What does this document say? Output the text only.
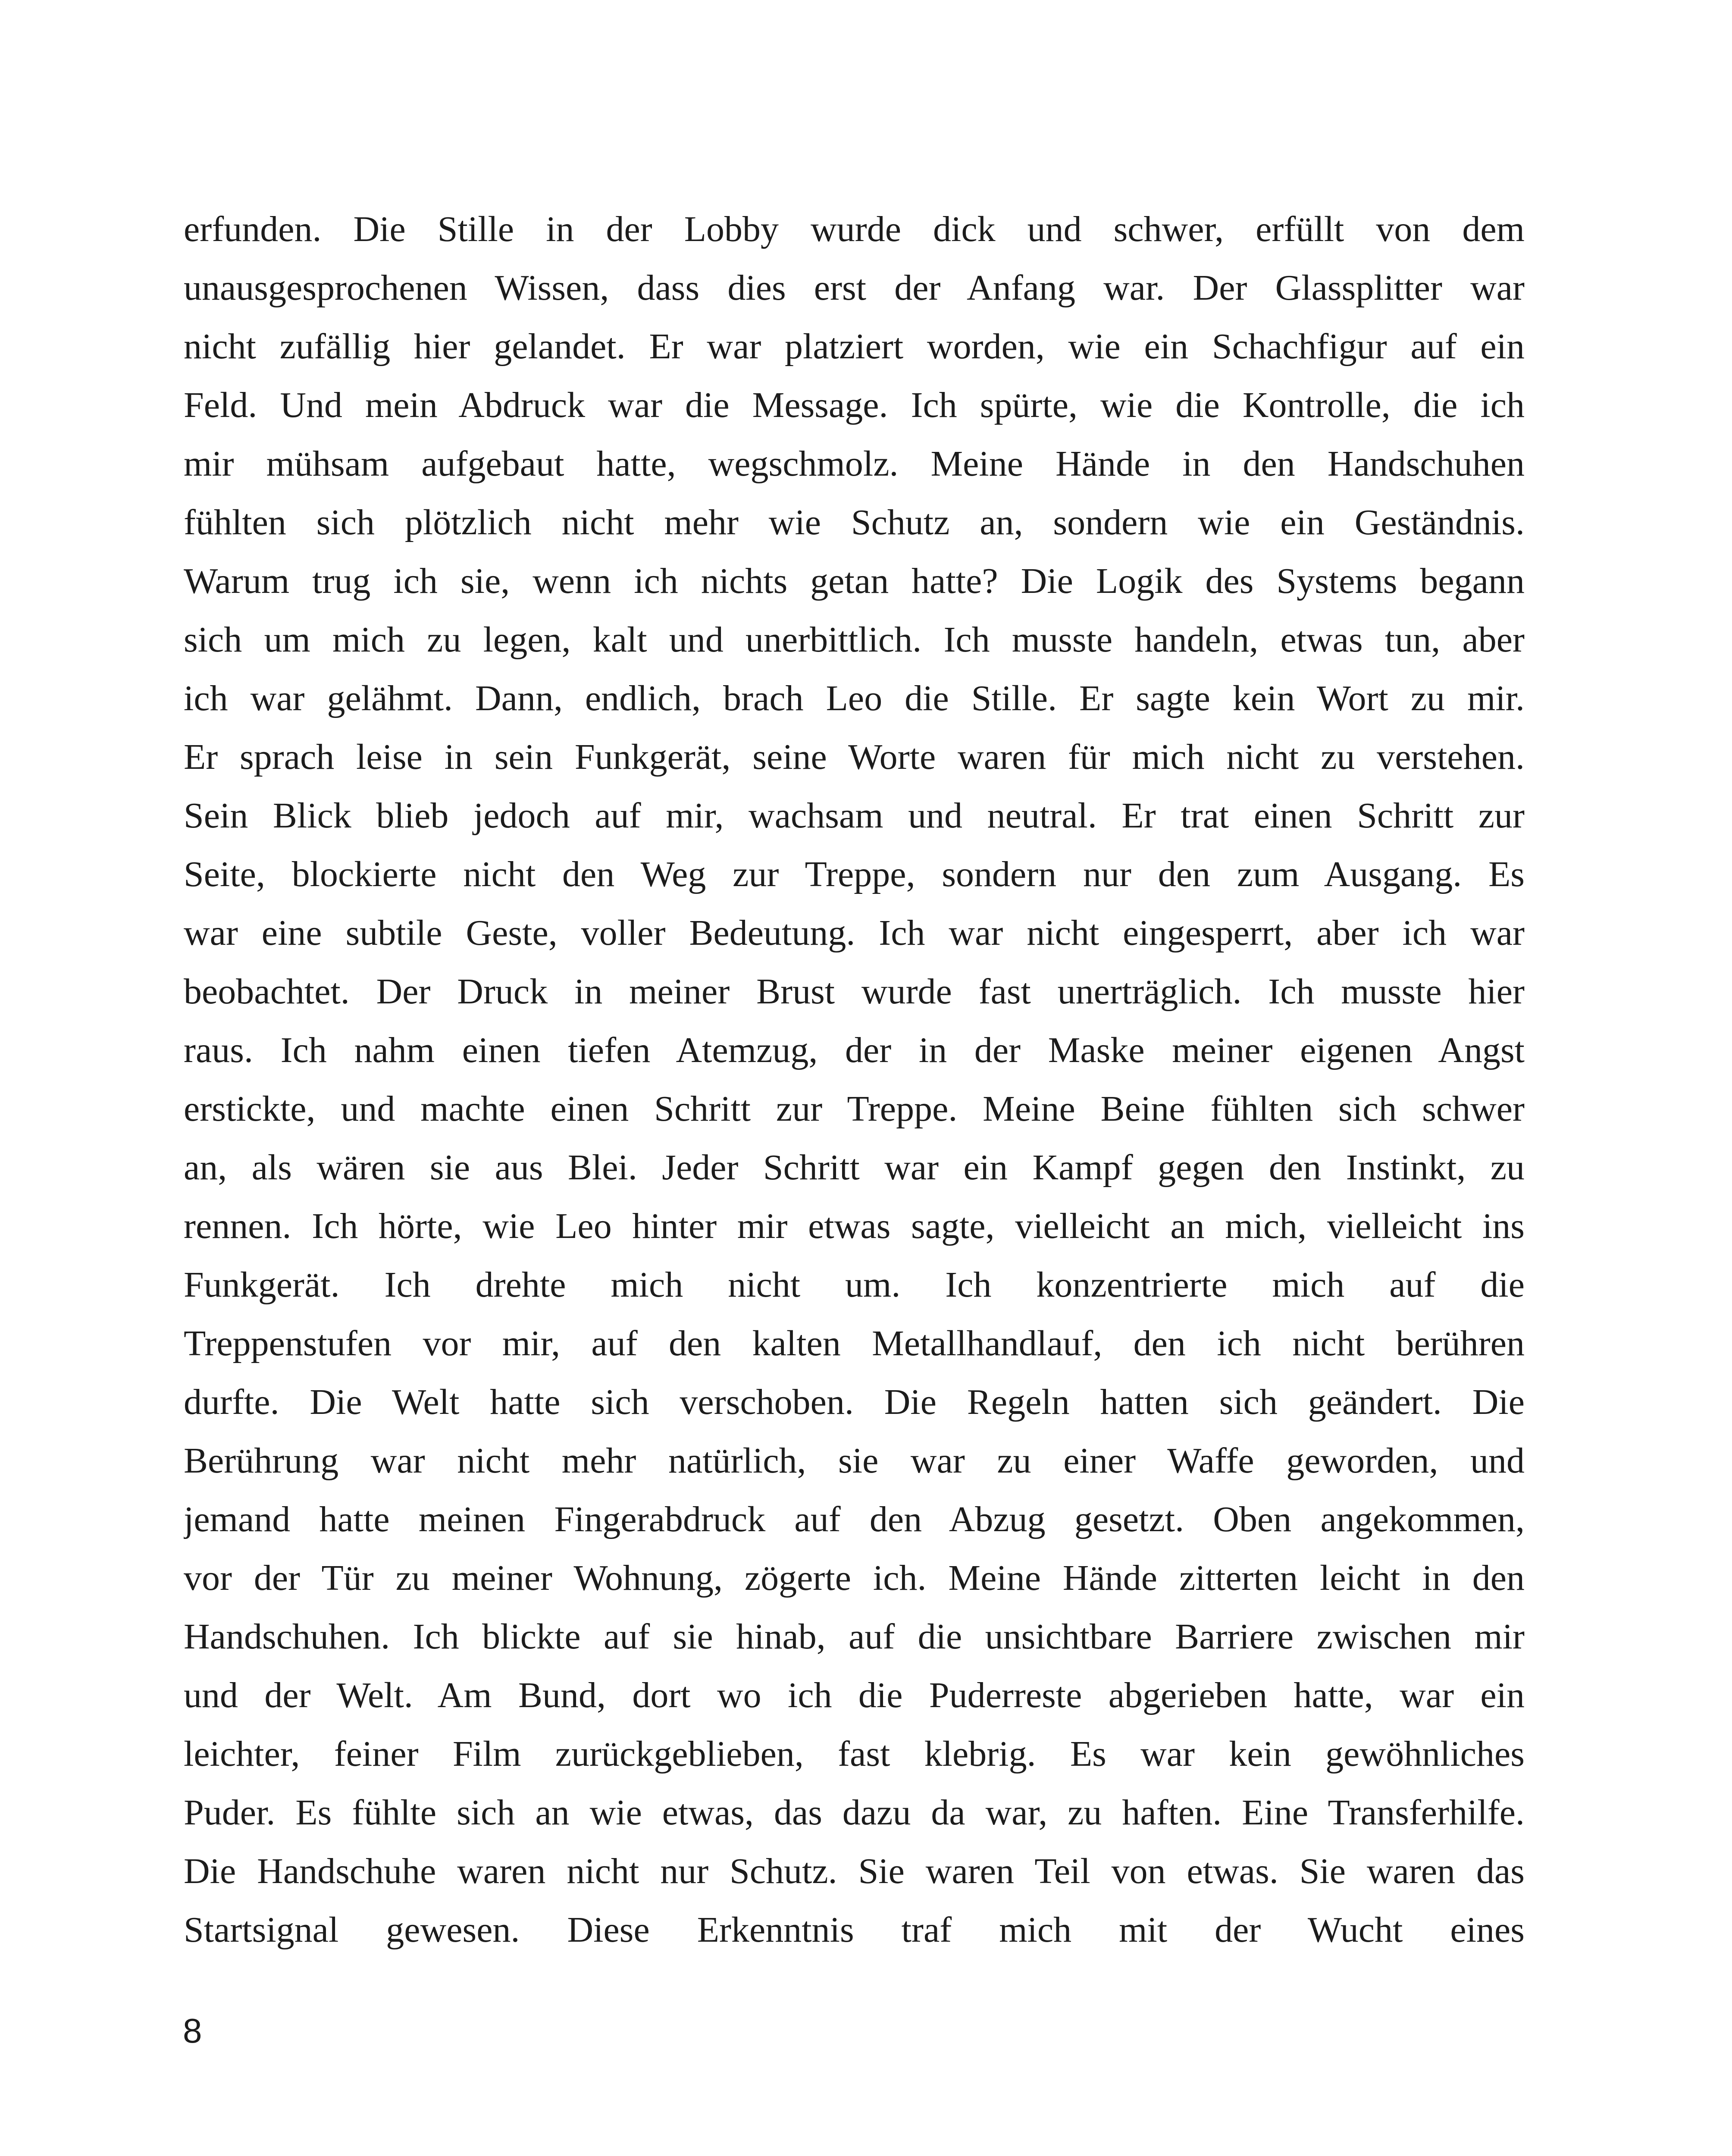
erfunden. Die Stille in der Lobby wurde dick und schwer, erfüllt von dem
unausgesprochenen Wissen, dass dies erst der Anfang war. Der Glassplitter war
nicht zufällig hier gelandet. Er war platziert worden, wie ein Schachfigur auf ein
Feld. Und mein Abdruck war die Message. Ich spürte, wie die Kontrolle, die ich
mir mühsam aufgebaut hatte, wegschmolz. Meine Hände in den Handschuhen
fühlten sich plötzlich nicht mehr wie Schutz an, sondern wie ein Geständnis.
Warum trug ich sie, wenn ich nichts getan hatte? Die Logik des Systems begann
sich um mich zu legen, kalt und unerbittlich. Ich musste handeln, etwas tun, aber
ich war gelähmt. Dann, endlich, brach Leo die Stille. Er sagte kein Wort zu mir.
Er sprach leise in sein Funkgerät, seine Worte waren für mich nicht zu verstehen.
Sein Blick blieb jedoch auf mir, wachsam und neutral. Er trat einen Schritt zur
Seite, blockierte nicht den Weg zur Treppe, sondern nur den zum Ausgang. Es
war eine subtile Geste, voller Bedeutung. Ich war nicht eingesperrt, aber ich war
beobachtet. Der Druck in meiner Brust wurde fast unerträglich. Ich musste hier
raus. Ich nahm einen tiefen Atemzug, der in der Maske meiner eigenen Angst
erstickte, und machte einen Schritt zur Treppe. Meine Beine fühlten sich schwer
an, als wären sie aus Blei. Jeder Schritt war ein Kampf gegen den Instinkt, zu
rennen. Ich hörte, wie Leo hinter mir etwas sagte, vielleicht an mich, vielleicht ins
Funkgerät. Ich drehte mich nicht um. Ich konzentrierte mich auf die
Treppenstufen vor mir, auf den kalten Metallhandlauf, den ich nicht berühren
durfte. Die Welt hatte sich verschoben. Die Regeln hatten sich geändert. Die
Berührung war nicht mehr natürlich, sie war zu einer Waffe geworden, und
jemand hatte meinen Fingerabdruck auf den Abzug gesetzt. Oben angekommen,
vor der Tür zu meiner Wohnung, zögerte ich. Meine Hände zitterten leicht in den
Handschuhen. Ich blickte auf sie hinab, auf die unsichtbare Barriere zwischen mir
und der Welt. Am Bund, dort wo ich die Puderreste abgerieben hatte, war ein
leichter, feiner Film zurückgeblieben, fast klebrig. Es war kein gewöhnliches
Puder. Es fühlte sich an wie etwas, das dazu da war, zu haften. Eine Transferhilfe.
Die Handschuhe waren nicht nur Schutz. Sie waren Teil von etwas. Sie waren das
Startsignal gewesen. Diese Erkenntnis traf mich mit der Wucht eines
8
